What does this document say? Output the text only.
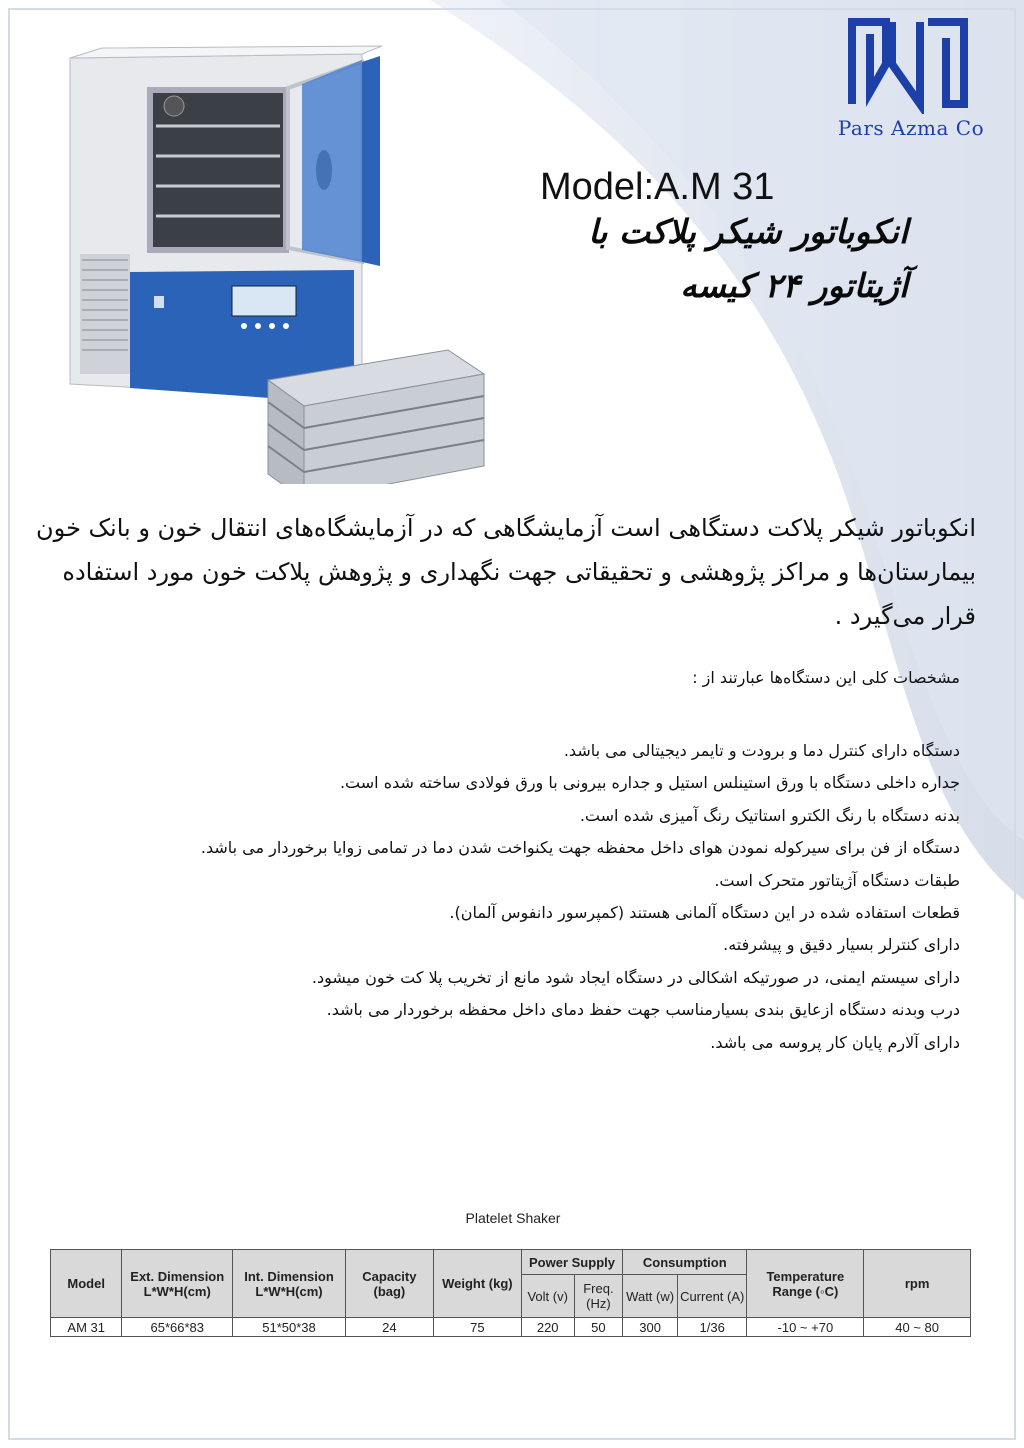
Pars Azma Co
Model:A.M 31
انکوباتور شیکر پلاکت با
آژیتاتور ۲۴ کیسه
انکوباتور شیکر پلاکت دستگاهی است آزمایشگاهی که در آزمایشگاه‌های انتقال خون و بانک خون بیمارستان‌ها و مراکز پژوهشی و تحقیقاتی جهت نگهداری و پژوهش پلاکت خون مورد استفاده قرار می‌گیرد .
مشخصات کلی این دستگاه‌ها عبارتند از :
دستگاه دارای کنترل دما و برودت و تایمر دیجیتالی می باشد.
جداره داخلی دستگاه با ورق استینلس استیل و جداره بیرونی با ورق فولادی ساخته شده است.
بدنه دستگاه با رنگ الکترو استاتیک رنگ آمیزی شده است.
دستگاه از فن برای سیرکوله نمودن هوای داخل محفظه جهت یکنواخت شدن دما در تمامی زوایا برخوردار می باشد.
طبقات دستگاه آژیتاتور متحرک است.
قطعات استفاده شده در این دستگاه آلمانی هستند (کمپرسور دانفوس آلمان).
دارای کنترلر بسیار دقیق و پیشرفته.
دارای سیستم ایمنی، در صورتیکه اشکالی در دستگاه ایجاد شود مانع از تخریب پلا کت خون میشود.
درب وبدنه دستگاه ازعایق بندی بسیارمناسب جهت حفظ دمای داخل محفظه برخوردار می باشد.
دارای آلارم پایان کار پروسه می باشد.
Platelet Shaker
Model	Ext. Dimension L*W*H(cm)	Int. Dimension L*W*H(cm)	Capacity (bag)	Weight (kg)	Power Supply		Consumption		Temperature Range (◦C)	rpm
					Volt (v)	Freq. (Hz)	Watt (w)	Current (A)		
AM 31	65*66*83	51*50*38	24	75	220	50	300	1/36	-10 ~ +70	40 ~ 80
